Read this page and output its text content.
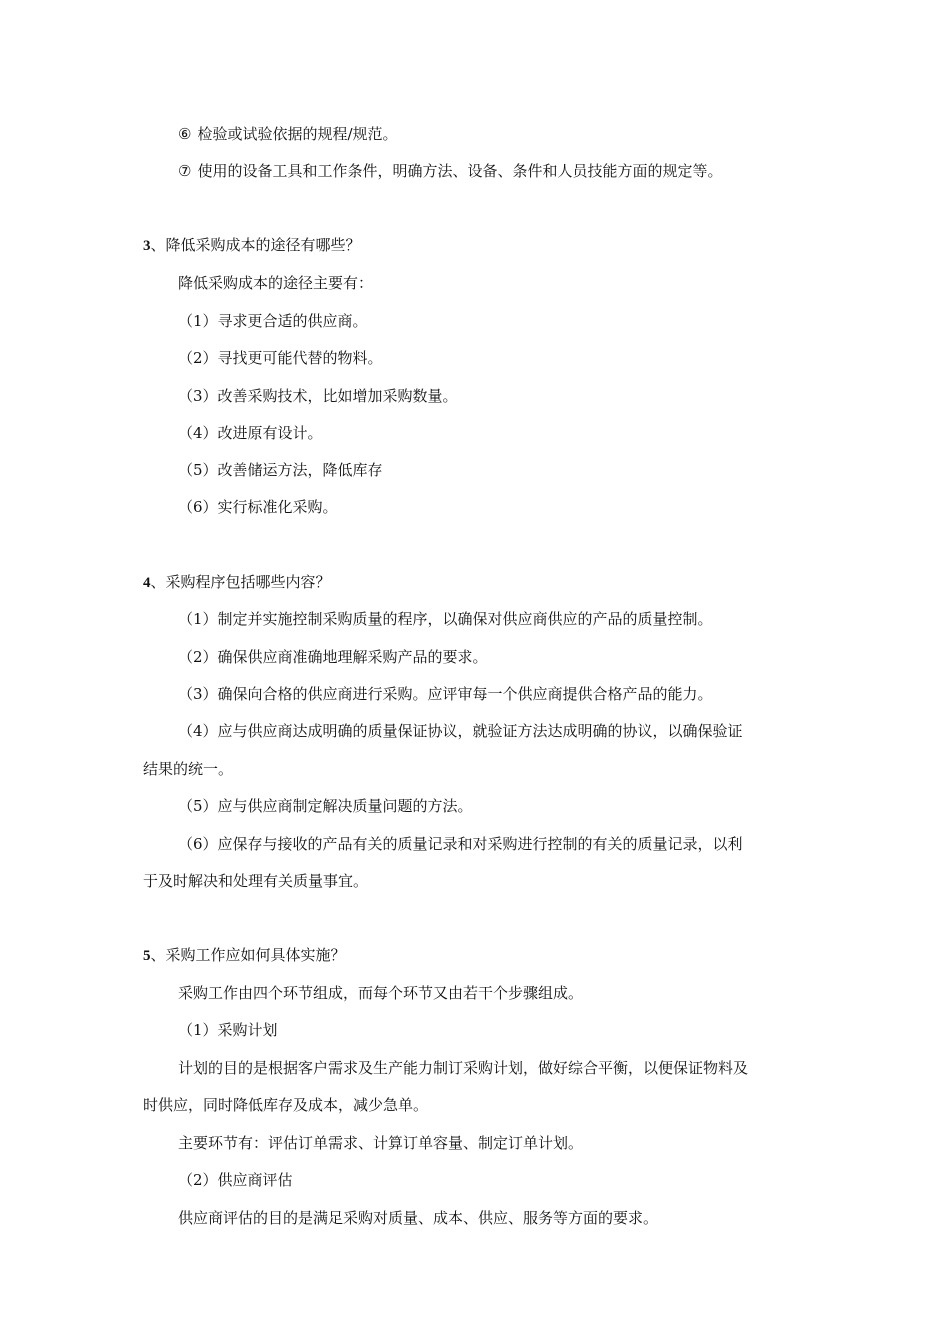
⑥ 检验或试验依据的规程/规范。
⑦ 使用的设备工具和工作条件，明确方法、设备、条件和人员技能方面的规定等。
3、降低采购成本的途径有哪些？
降低采购成本的途径主要有：
（1）寻求更合适的供应商。
（2）寻找更可能代替的物料。
（3）改善采购技术，比如增加采购数量。
（4）改进原有设计。
（5）改善储运方法，降低库存
（6）实行标准化采购。
4、采购程序包括哪些内容？
（1）制定并实施控制采购质量的程序，以确保对供应商供应的产品的质量控制。
（2）确保供应商准确地理解采购产品的要求。
（3）确保向合格的供应商进行采购。应评审每一个供应商提供合格产品的能力。
（4）应与供应商达成明确的质量保证协议，就验证方法达成明确的协议，以确保验证
结果的统一。
（5）应与供应商制定解决质量问题的方法。
（6）应保存与接收的产品有关的质量记录和对采购进行控制的有关的质量记录，以利
于及时解决和处理有关质量事宜。
5、采购工作应如何具体实施？
采购工作由四个环节组成，而每个环节又由若干个步骤组成。
（1）采购计划
计划的目的是根据客户需求及生产能力制订采购计划，做好综合平衡，以便保证物料及
时供应，同时降低库存及成本，减少急单。
主要环节有：评估订单需求、计算订单容量、制定订单计划。
（2）供应商评估
供应商评估的目的是满足采购对质量、成本、供应、服务等方面的要求。
